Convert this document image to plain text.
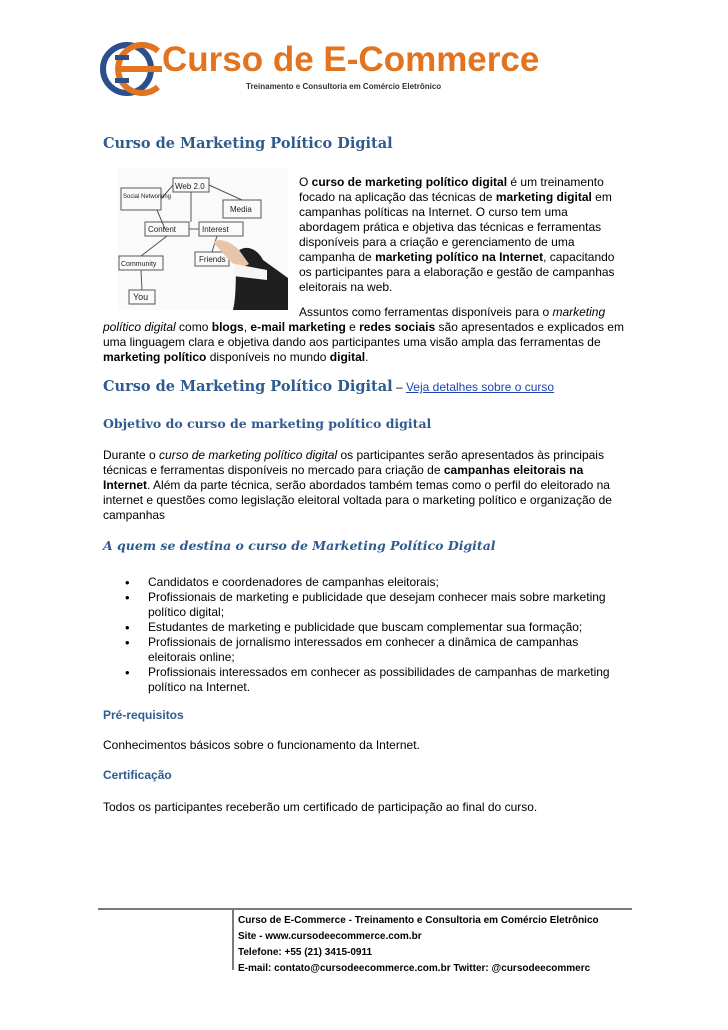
Curso de E-Commerce
Treinamento e Consultoria em Comércio Eletrônico
Curso de Marketing Político Digital
Web 2.0
Social Networking
Media
Content	Interest
Community
Friends
You
O curso de marketing político digital é um treinamento focado na aplicação das técnicas de marketing digital em campanhas políticas na Internet. O curso tem uma abordagem prática e objetiva das técnicas e ferramentas disponíveis para a criação e gerenciamento de uma campanha de marketing político na Internet, capacitando os participantes para a elaboração e gestão de campanhas eleitorais na web.
Assuntos como ferramentas disponíveis para o marketing político digital como blogs, e-mail marketing e redes sociais são apresentados e explicados em uma linguagem clara e objetiva dando aos participantes uma visão ampla das ferramentas de marketing político disponíveis no mundo digital.
Curso de Marketing Político Digital – Veja detalhes sobre o curso
Objetivo do curso de marketing político digital
Durante o curso de marketing político digital os participantes serão apresentados às principais técnicas e ferramentas disponíveis no mercado para criação de campanhas eleitorais na Internet. Além da parte técnica, serão abordados também temas como o perfil do eleitorado na internet e questões como legislação eleitoral voltada para o marketing político e organização de campanhas
A quem se destina o curso de Marketing Político Digital
• Candidatos e coordenadores de campanhas eleitorais;
• Profissionais de marketing e publicidade que desejam conhecer mais sobre marketing político digital;
• Estudantes de marketing e publicidade que buscam complementar sua formação;
• Profissionais de jornalismo interessados em conhecer a dinâmica de campanhas eleitorais online;
• Profissionais interessados em conhecer as possibilidades de campanhas de marketing político na Internet.
Pré-requisitos
Conhecimentos básicos sobre o funcionamento da Internet.
Certificação
Todos os participantes receberão um certificado de participação ao final do curso.
Curso de E-Commerce - Treinamento e Consultoria em Comércio Eletrônico
Site - www.cursodeecommerce.com.br
Telefone: +55 (21) 3415-0911
E-mail: contato@cursodeecommerce.com.br Twitter: @cursodeecommerc
